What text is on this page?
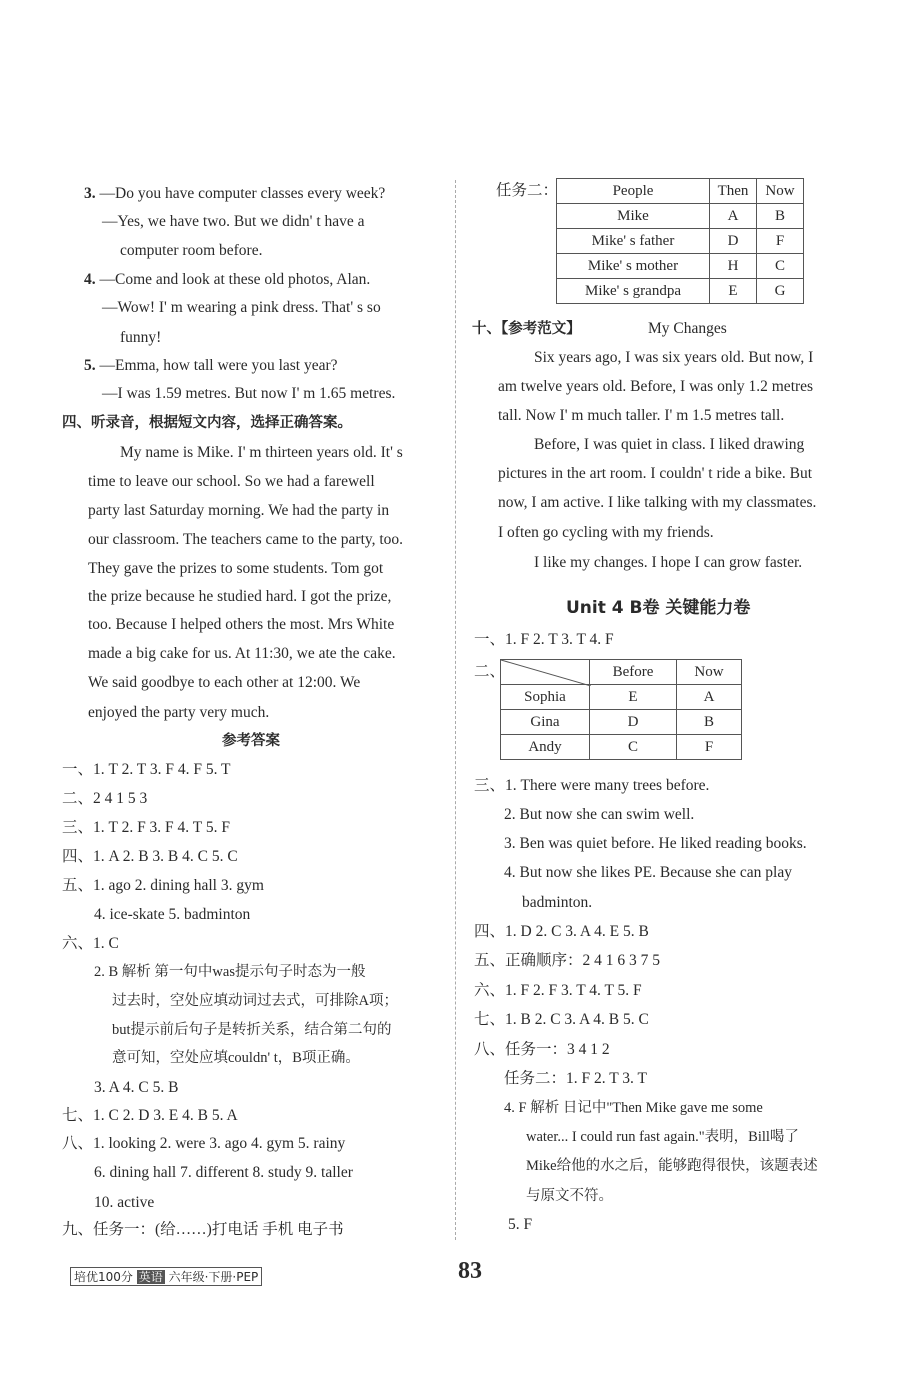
3. —Do you have computer classes every week?
—Yes, we have two. But we didn' t have a
computer room before.
4. —Come and look at these old photos, Alan.
—Wow! I' m wearing a pink dress. That' s so
funny!
5. —Emma, how tall were you last year?
—I was 1.59 metres. But now I' m 1.65 metres.
四、听录音，根据短文内容，选择正确答案。
My name is Mike. I' m thirteen years old. It' s
time to leave our school. So we had a farewell
party last Saturday morning. We had the party in
our classroom. The teachers came to the party, too.
They gave the prizes to some students. Tom got
the prize because he studied hard. I got the prize,
too. Because I helped others the most. Mrs White
made a big cake for us. At 11:30, we ate the cake.
We said goodbye to each other at 12:00. We
enjoyed the party very much.
参考答案
一、1. T 2. T 3. F 4. F 5. T
二、2 4 1 5 3
三、1. T 2. F 3. F 4. T 5. F
四、1. A 2. B 3. B 4. C 5. C
五、1. ago 2. dining hall 3. gym
4. ice-skate 5. badminton
六、1. C
2. B 解析 第一句中was提示句子时态为一般
过去时，空处应填动词过去式，可排除A项；
but提示前后句子是转折关系，结合第二句的
意可知，空处应填couldn' t，B项正确。
3. A 4. C 5. B
七、1. C 2. D 3. E 4. B 5. A
八、1. looking 2. were 3. ago 4. gym 5. rainy
6. dining hall 7. different 8. study 9. taller
10. active
九、任务一：(给……)打电话 手机 电子书
任务二：	People	Then	Now
Mike	A	B
Mike' s father	D	F
Mike' s mother	H	C
Mike' s grandpa	E	G
十、【参考范文】	My Changes
Six years ago, I was six years old. But now, I
am twelve years old. Before, I was only 1.2 metres
tall. Now I' m much taller. I' m 1.5 metres tall.
Before, I was quiet in class. I liked drawing
pictures in the art room. I couldn' t ride a bike. But
now, I am active. I like talking with my classmates.
I often go cycling with my friends.
I like my changes. I hope I can grow faster.
Unit 4 B卷 关键能力卷
一、1. F 2. T 3. T 4. F
二、
		Before	Now
Sophia	E	A
Gina	D	B
Andy	C	F
三、1. There were many trees before.
2. But now she can swim well.
3. Ben was quiet before. He liked reading books.
4. But now she likes PE. Because she can play
badminton.
四、1. D 2. C 3. A 4. E 5. B
五、正确顺序：2 4 1 6 3 7 5
六、1. F 2. F 3. T 4. T 5. F
七、1. B 2. C 3. A 4. B 5. C
八、任务一：3 4 1 2
任务二：1. F 2. T 3. T
4. F 解析 日记中"Then Mike gave me some
water... I could run fast again."表明，Bill喝了
Mike给他的水之后，能够跑得很快，该题表述
与原文不符。
5. F
培优100分 英语 六年级·下册·PEP	83
